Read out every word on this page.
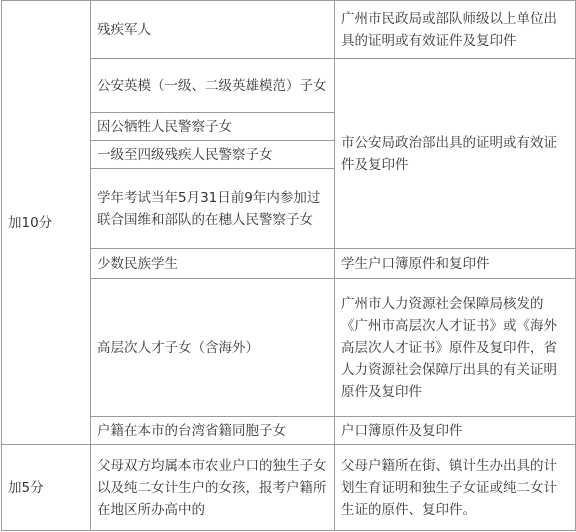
加10分	残疾军人	广州市民政局或部队师级以上单位出具的证明或有效证件及复印件

	公安英模（一级、二级英雄模范）子女	市公安局政治部出具的证明或有效证件及复印件

	因公牺牲人民警察子女	

	一级至四级残疾人民警察子女	

	学年考试当年5月31日前9年内参加过联合国维和部队的在穗人民警察子女	

	少数民族学生	学生户口簿原件和复印件

	高层次人才子女（含海外）	广州市人力资源社会保障局核发的《广州市高层次人才证书》或《海外高层次人才证书》原件及复印件，省人力资源社会保障厅出具的有关证明原件及复印件

	户籍在本市的台湾省籍同胞子女	户口簿原件及复印件

加5分	父母双方均属本市农业户口的独生子女以及纯二女计生户的女孩，报考户籍所在地区所办高中的	父母户籍所在街、镇计生办出具的计划生育证明和独生子女证或纯二女计生证的原件、复印件。
